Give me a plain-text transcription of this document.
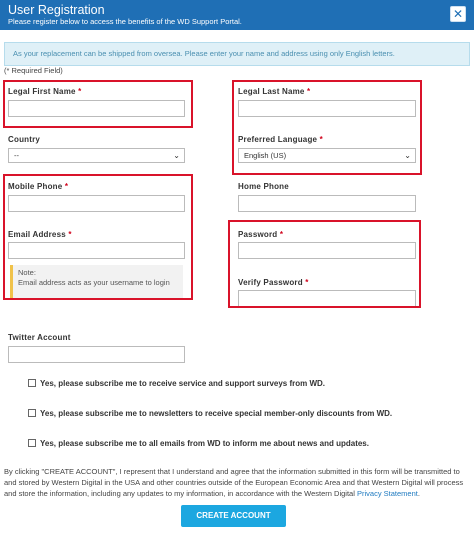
User Registration
Please register below to access the benefits of the WD Support Portal.
✕
As your replacement can be shipped from oversea. Please enter your name and address using only English letters.
(* Required Field)
Legal First Name *
Country
--	⌄
Mobile Phone *
Email Address *
Note:
Email address acts as your username to login
Legal Last Name *
Preferred Language *
English (US)	⌄
Home Phone
Password *
Verify Password *
Twitter Account
Yes, please subscribe me to receive service and support surveys from WD.
Yes, please subscribe me to newsletters to receive special member-only discounts from WD.
Yes, please subscribe me to all emails from WD to inform me about news and updates.
By clicking "CREATE ACCOUNT", I represent that I understand and agree that the information submitted in this form will be transmitted to and stored by Western Digital in the USA and other countries outside of the European Economic Area and that Western Digital will process and store the information, including any updates to my information, in accordance with the Western Digital Privacy Statement.
CREATE ACCOUNT
